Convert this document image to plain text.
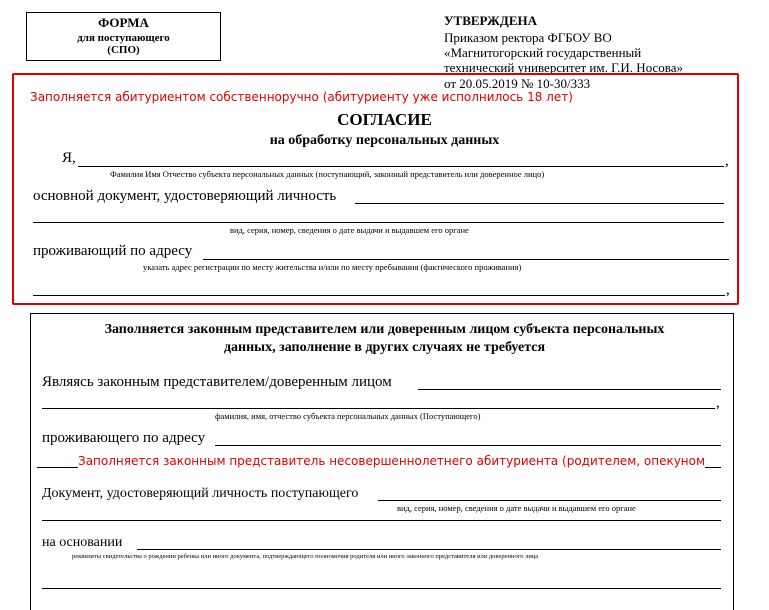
ФОРМА
для поступающего
(СПО)
УТВЕРЖДЕНА
Приказом ректора ФГБОУ ВО
«Магнитогорский государственный
технический университет им. Г.И. Носова»
от 20.05.2019 № 10-30/333
Заполняется абитуриентом собственноручно (абитуриенту уже исполнилось 18 лет)
СОГЛАСИЕ
на обработку персональных данных
Я,	,
Фамилия Имя Отчество субъекта персональных данных (поступающий, законный представитель или доверенное лицо)
основной документ, удостоверяющий личность
вид, серия, номер, сведения о дате выдачи и выдавшем его органе
проживающий по адресу
указать адрес регистрации по месту жительства и/или по месту пребывания (фактического проживания)
,
Заполняется законным представителем или доверенным лицом субъекта персональных
данных, заполнение в других случаях не требуется
Являясь законным представителем/доверенным лицом
,
фамилия, имя, отчество субъекта персональных данных (Поступающего)
проживающего по адресу
Заполняется законным представитель несовершеннолетнего абитуриента (родителем, опекуном
Документ, удостоверяющий личность поступающего
вид, серия, номер, сведения о дате выдачи и выдавшем его органе
на основании
реквизиты свидетельства о рождении ребенка или иного документа, подтверждающего полномочия родителя или иного законного представителя или доверенного лица
